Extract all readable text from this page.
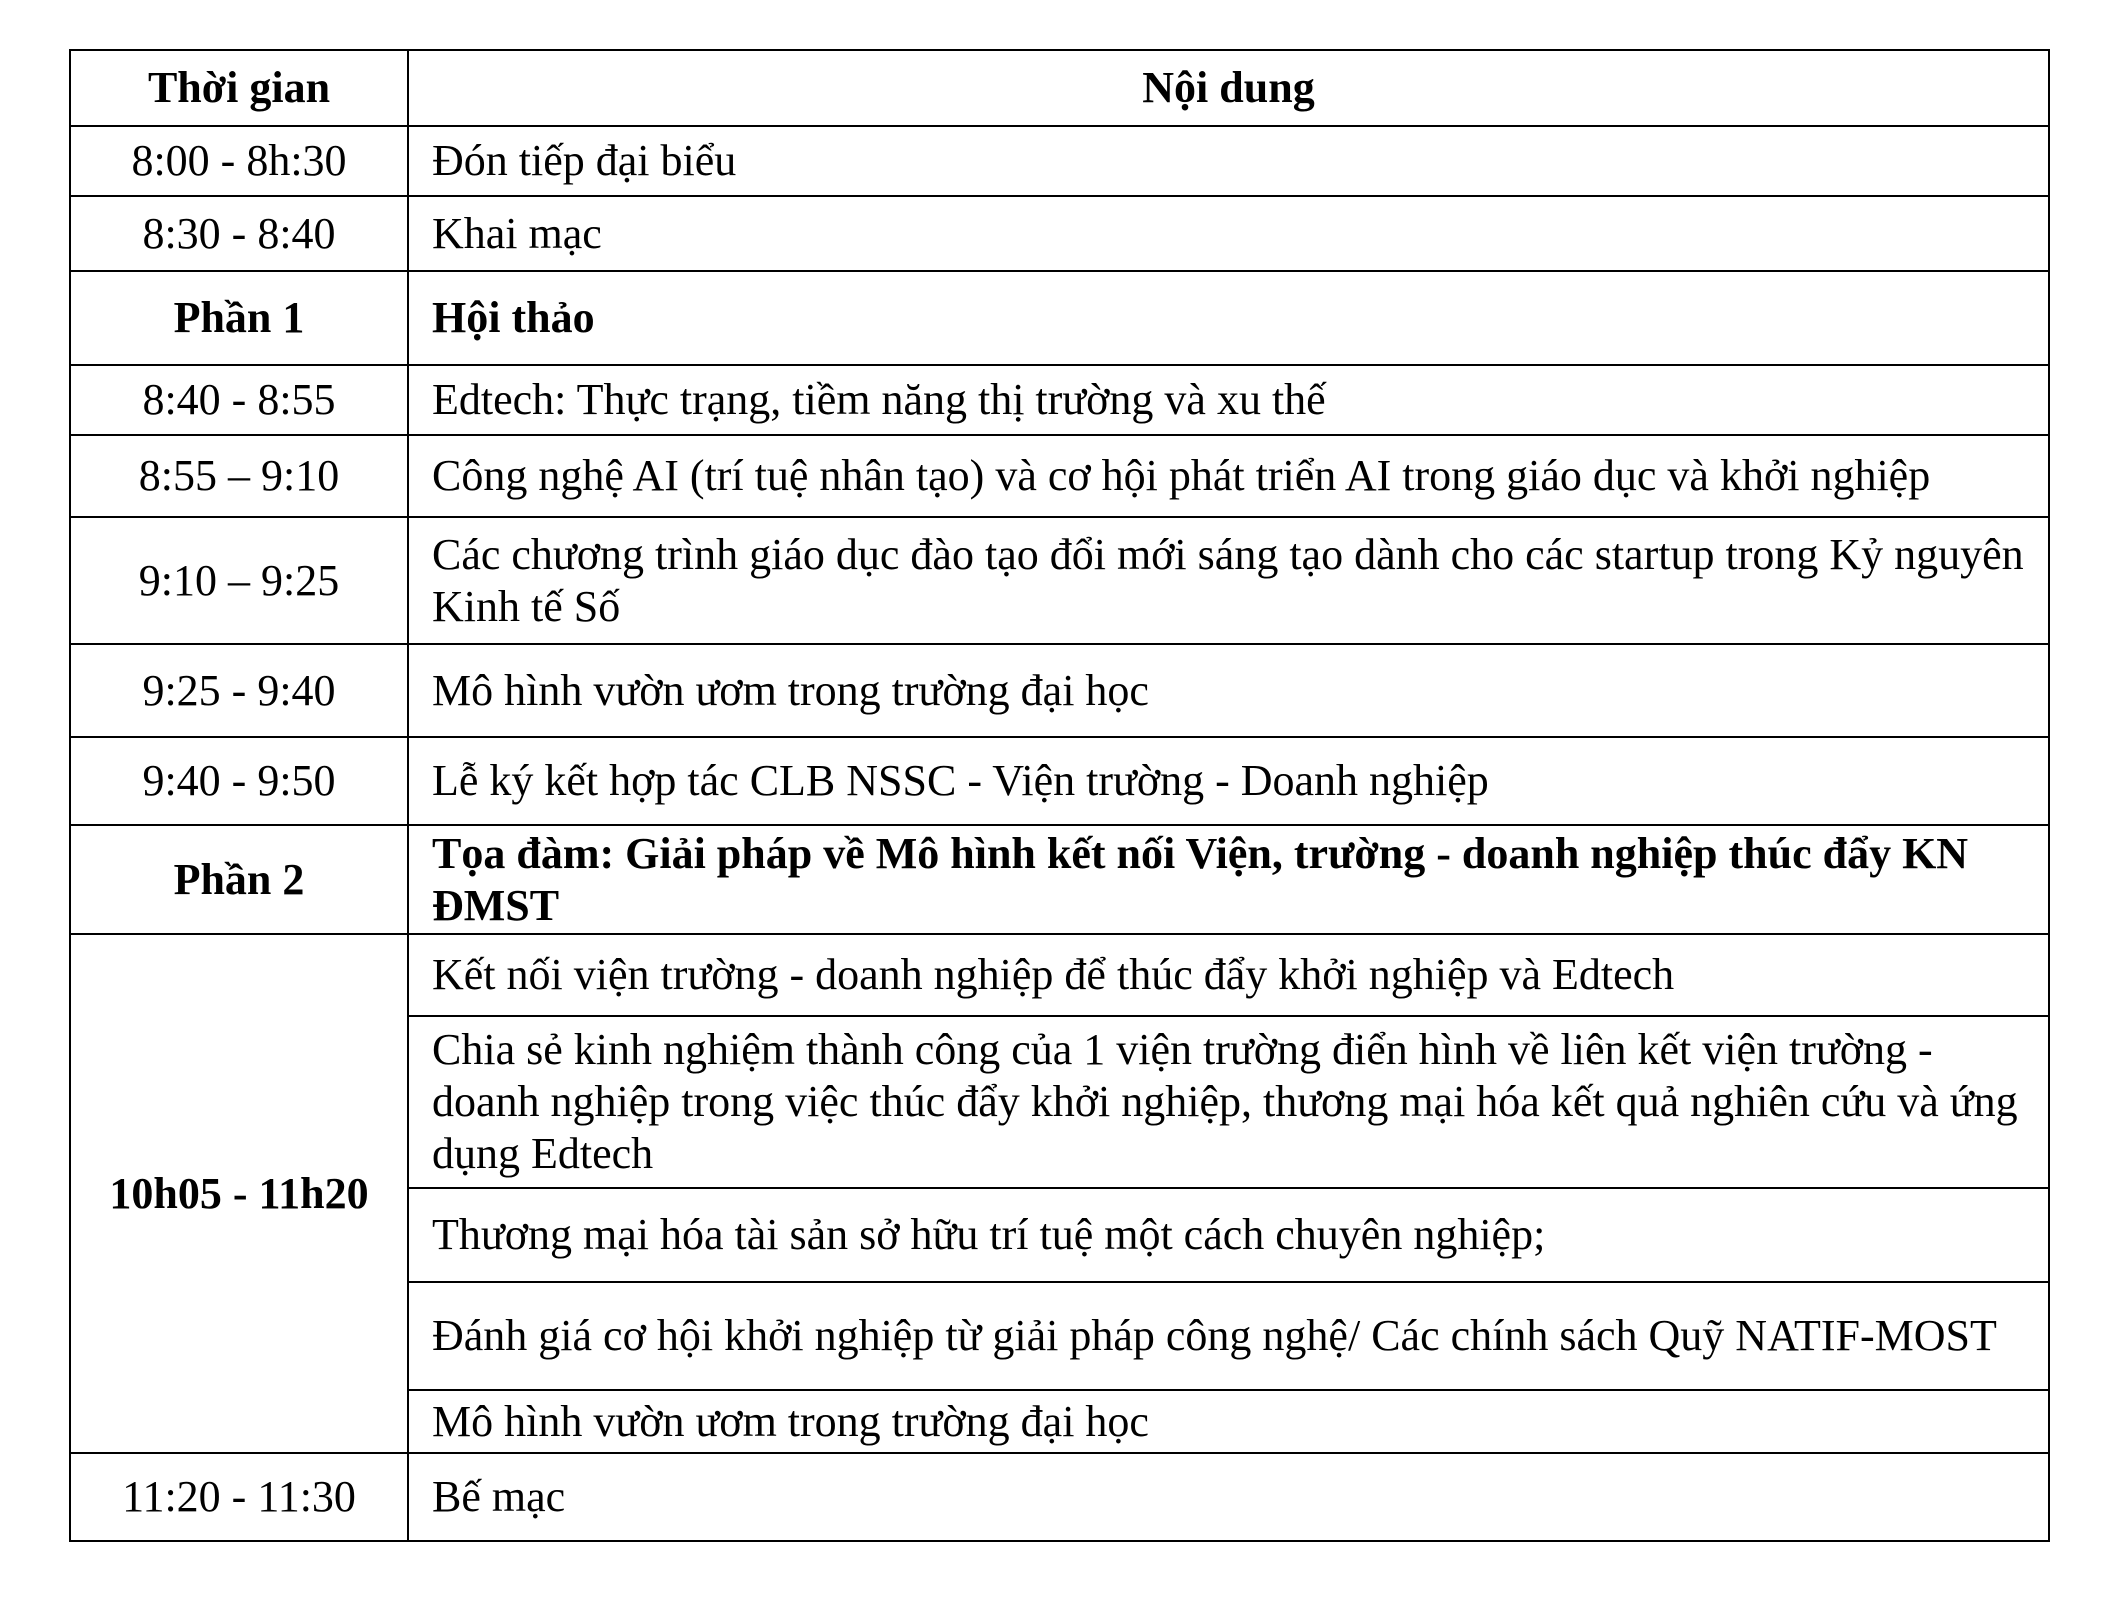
Thời gian	Nội dung
8:00 - 8h:30	Đón tiếp đại biểu
8:30 - 8:40	Khai mạc
Phần 1	Hội thảo
8:40 - 8:55	Edtech: Thực trạng, tiềm năng thị trường và xu thế
8:55 – 9:10	Công nghệ AI (trí tuệ nhân tạo) và cơ hội phát triển AI trong giáo dục và khởi nghiệp
9:10 – 9:25	Các chương trình giáo dục đào tạo đổi mới sáng tạo dành cho các startup trong Kỷ nguyên Kinh tế Số
9:25 - 9:40	Mô hình vườn ươm trong trường đại học
9:40 - 9:50	Lễ ký kết hợp tác CLB NSSC - Viện trường - Doanh nghiệp
Phần 2	Tọa đàm: Giải pháp về Mô hình kết nối Viện, trường - doanh nghiệp thúc đẩy KN ĐMST
10h05 - 11h20	Kết nối viện trường - doanh nghiệp để thúc đẩy khởi nghiệp và Edtech
	Chia sẻ kinh nghiệm thành công của 1 viện trường điển hình về liên kết viện trường - doanh nghiệp trong việc thúc đẩy khởi nghiệp, thương mại hóa kết quả nghiên cứu và ứng dụng Edtech
	Thương mại hóa tài sản sở hữu trí tuệ một cách chuyên nghiệp;
	Đánh giá cơ hội khởi nghiệp từ giải pháp công nghệ/ Các chính sách Quỹ NATIF-MOST
	Mô hình vườn ươm trong trường đại học
11:20 - 11:30	Bế mạc
